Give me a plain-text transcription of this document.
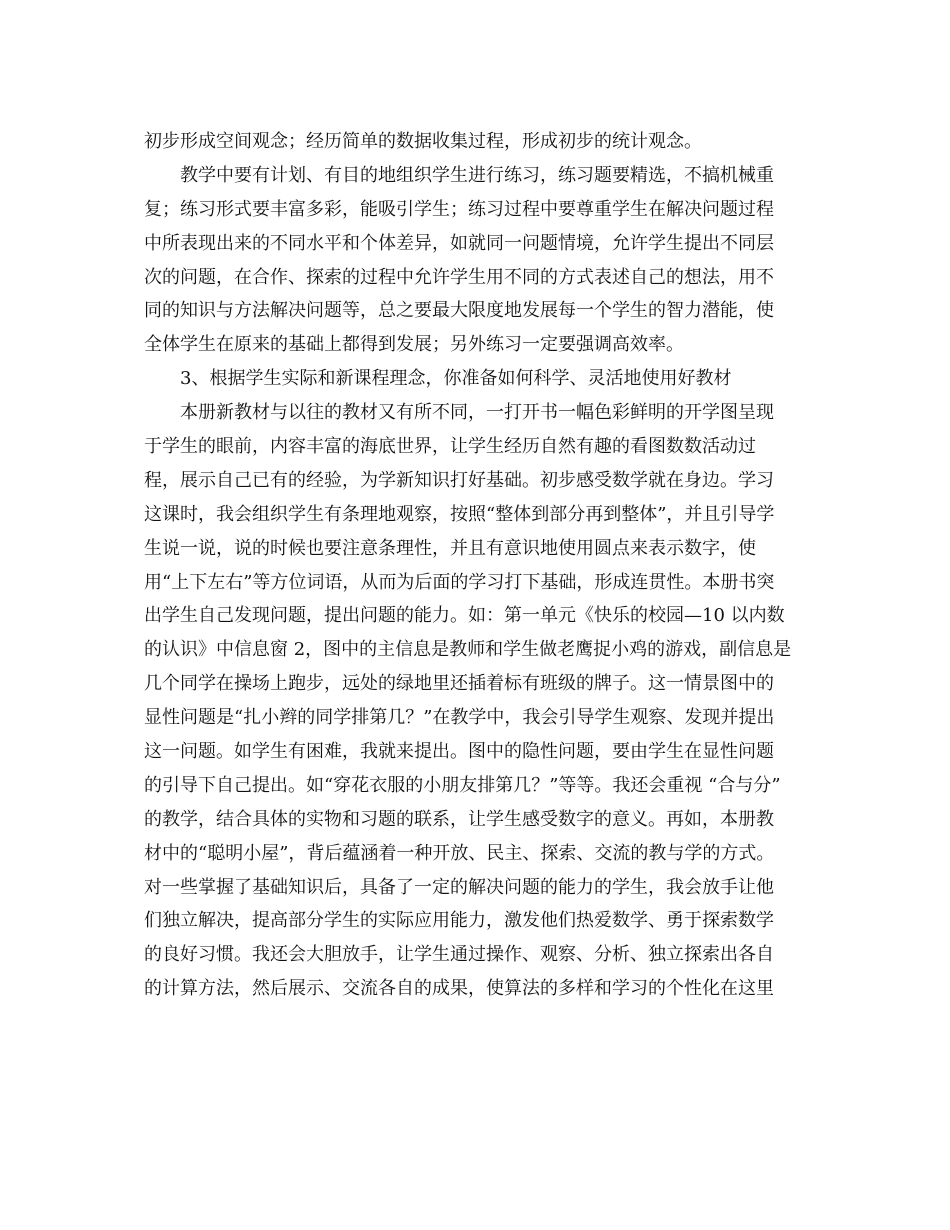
初步形成空间观念；经历简单的数据收集过程，形成初步的统计观念。
教学中要有计划、有目的地组织学生进行练习，练习题要精选，不搞机械重
复；练习形式要丰富多彩，能吸引学生；练习过程中要尊重学生在解决问题过程
中所表现出来的不同水平和个体差异，如就同一问题情境，允许学生提出不同层
次的问题，在合作、探索的过程中允许学生用不同的方式表述自己的想法，用不
同的知识与方法解决问题等，总之要最大限度地发展每一个学生的智力潜能，使
全体学生在原来的基础上都得到发展；另外练习一定要强调高效率。
3、根据学生实际和新课程理念，你准备如何科学、灵活地使用好教材
本册新教材与以往的教材又有所不同，一打开书一幅色彩鲜明的开学图呈现
于学生的眼前，内容丰富的海底世界，让学生经历自然有趣的看图数数活动过
程，展示自己已有的经验，为学新知识打好基础。初步感受数学就在身边。学习
这课时，我会组织学生有条理地观察，按照“整体到部分再到整体”，并且引导学
生说一说，说的时候也要注意条理性，并且有意识地使用圆点来表示数字，使
用“上下左右”等方位词语，从而为后面的学习打下基础，形成连贯性。本册书突
出学生自己发现问题，提出问题的能力。如：第一单元《快乐的校园—10 以内数
的认识》中信息窗 2，图中的主信息是教师和学生做老鹰捉小鸡的游戏，副信息是
几个同学在操场上跑步，远处的绿地里还插着标有班级的牌子。这一情景图中的
显性问题是“扎小辫的同学排第几？”在教学中，我会引导学生观察、发现并提出
这一问题。如学生有困难，我就来提出。图中的隐性问题，要由学生在显性问题
的引导下自己提出。如“穿花衣服的小朋友排第几？”等等。我还会重视 “合与分”
的教学，结合具体的实物和习题的联系，让学生感受数字的意义。再如，本册教
材中的“聪明小屋”，背后蕴涵着一种开放、民主、探索、交流的教与学的方式。
对一些掌握了基础知识后，具备了一定的解决问题的能力的学生，我会放手让他
们独立解决，提高部分学生的实际应用能力，激发他们热爱数学、勇于探索数学
的良好习惯。我还会大胆放手，让学生通过操作、观察、分析、独立探索出各自
的计算方法，然后展示、交流各自的成果，使算法的多样和学习的个性化在这里
